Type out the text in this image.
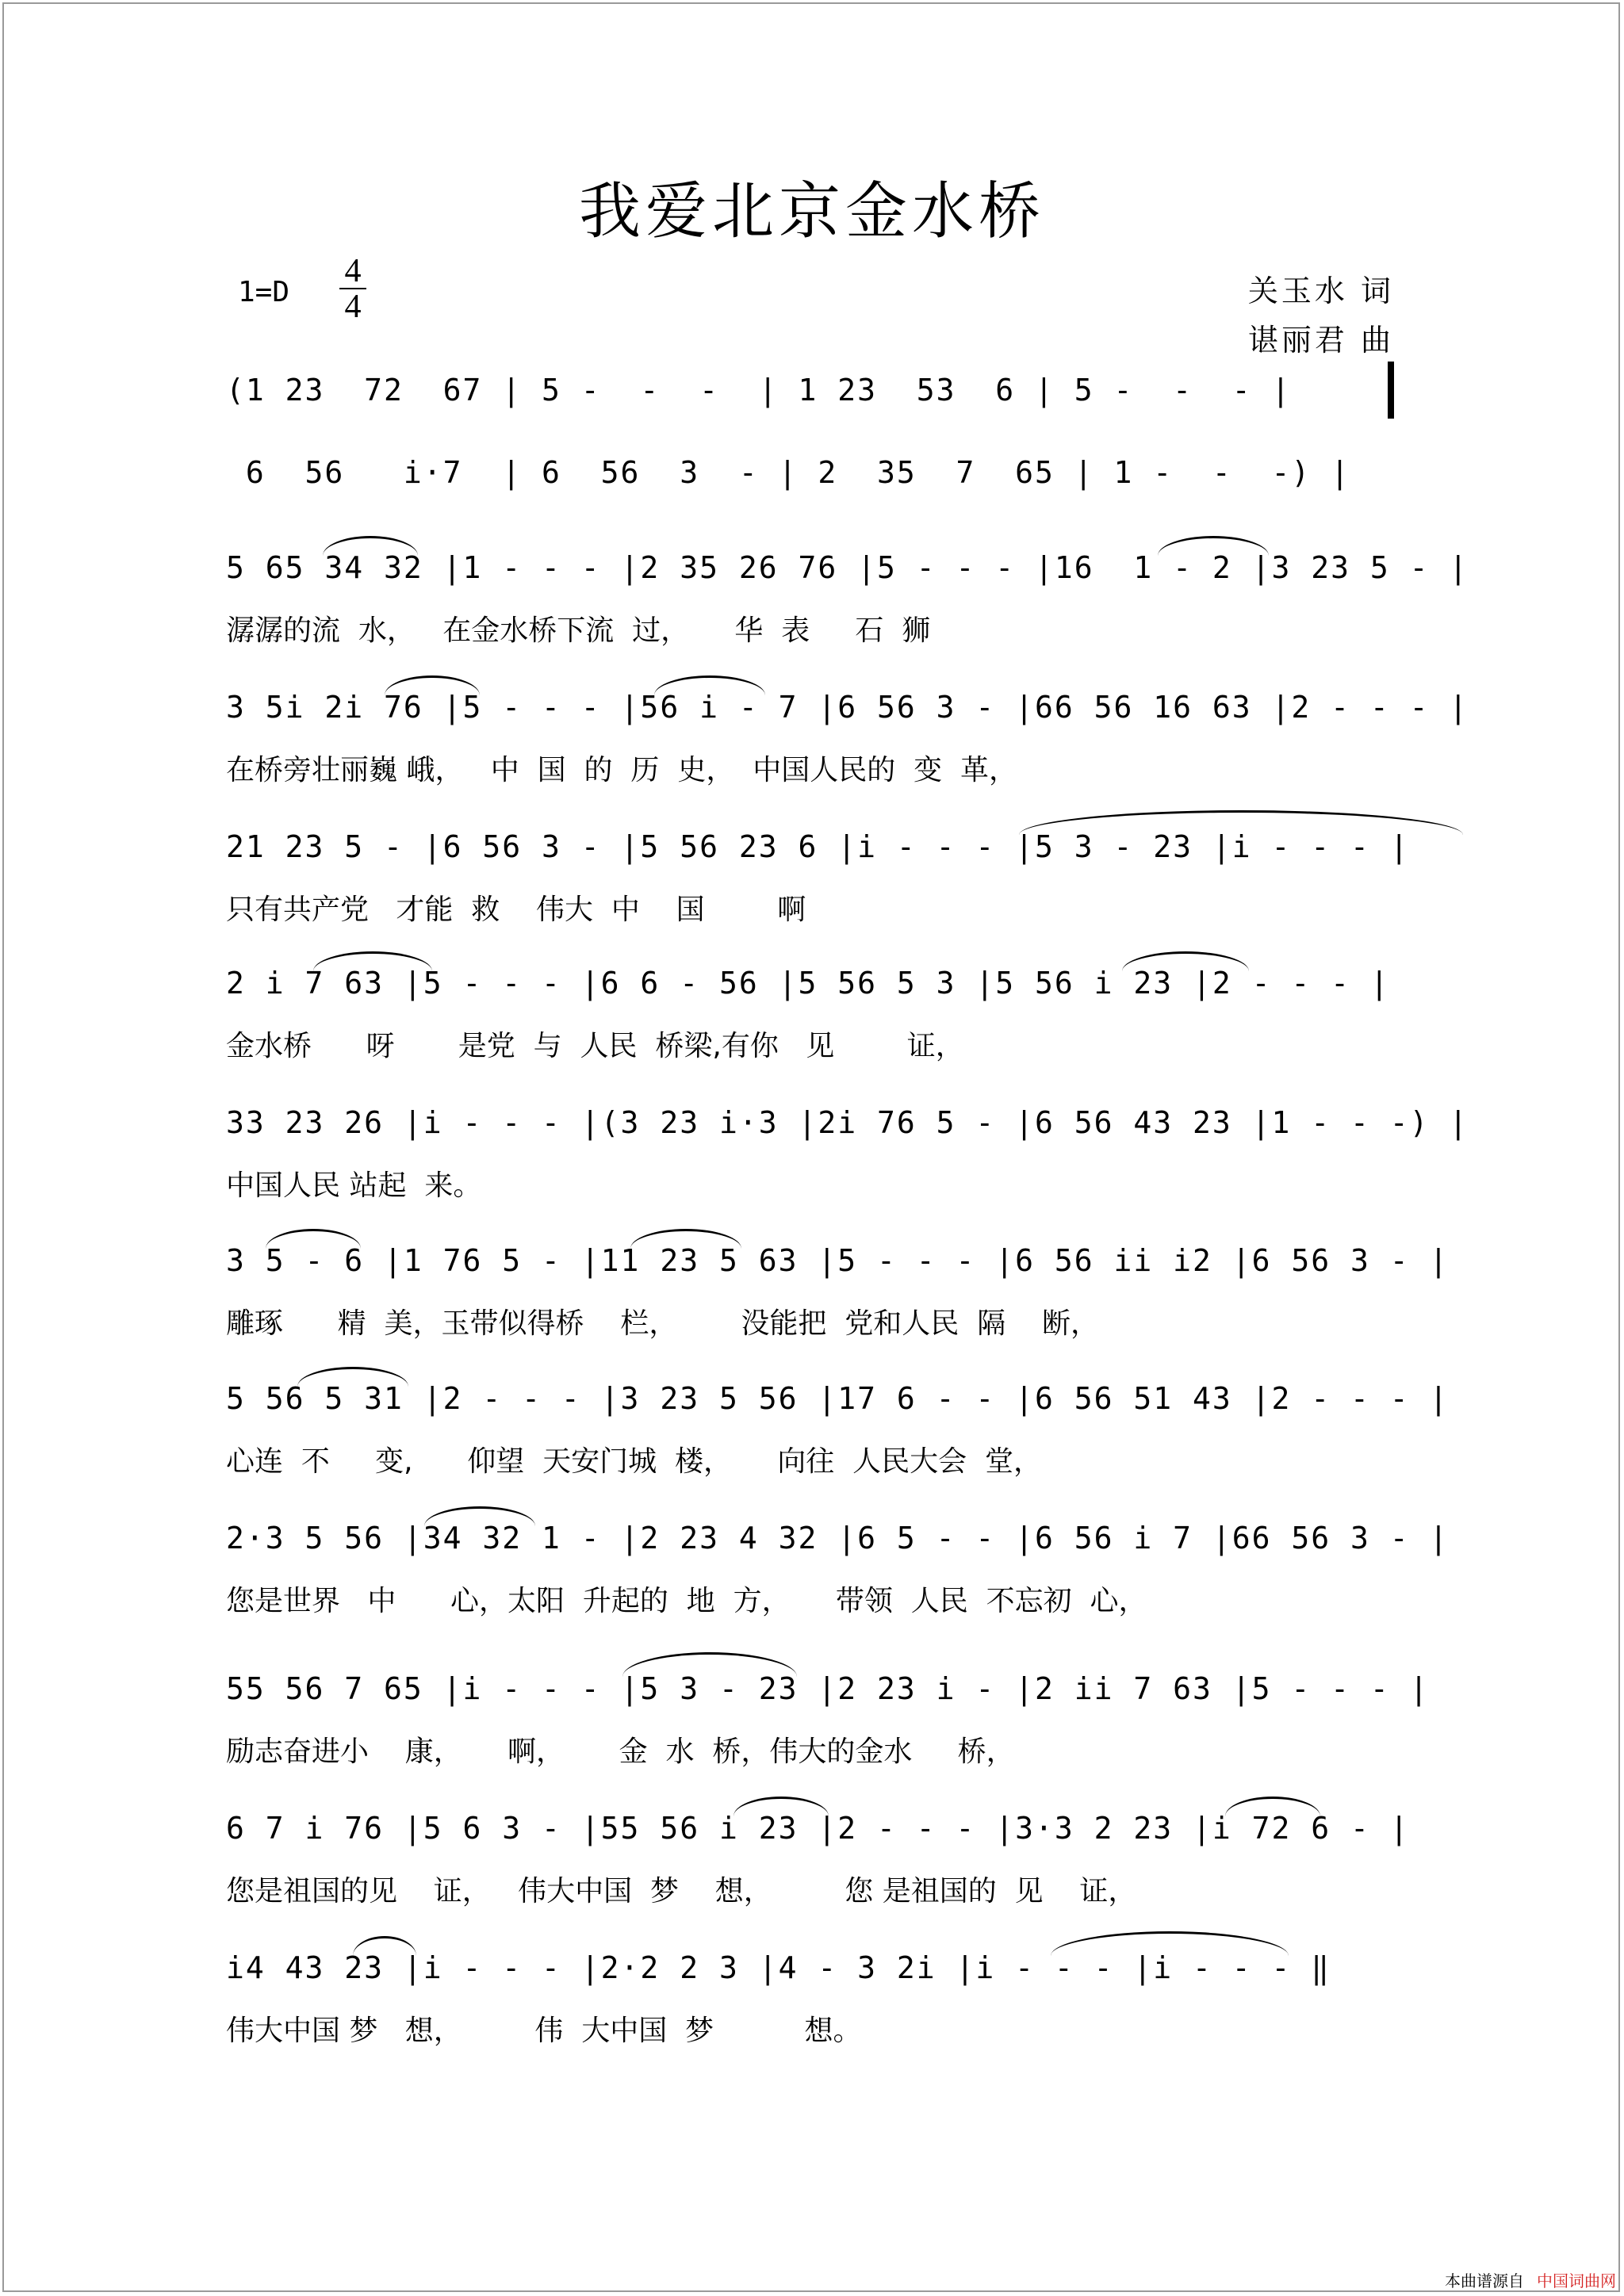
我爱北京金水桥
1=D
4
4	关玉水 词
谌丽君 曲
(1 23  72  67 | 5 -  -  -  | 1 23  53  6 | 5 -  -  - |
6  56   i·7  | 6  56  3  - | 2  35  7  65 | 1 -  -  -) |
5 65 34 32 |1 - - - |2 35 26 76 |5 - - - |16  1 - 2 |3 23 5 - |
潺潺的流  水，   在金水桥下流  过，     华  表     石  狮
3 5i 2i 76 |5 - - - |56 i - 7 |6 56 3 - |66 56 16 63 |2 - - - |
在桥旁壮丽巍 峨，   中  国  的  历  史，  中国人民的  变  革，
21 23 5 - |6 56 3 - |5 56 23 6 |i - - - |5 3 - 23 |i - - - |
只有共产党   才能  救    伟大  中    国        啊
2 i 7 63 |5 - - - |6 6 - 56 |5 56 5 3 |5 56 i 23 |2 - - - |
金水桥      呀       是党  与  人民  桥梁,有你   见        证，
33 23 26 |i - - - |(3 23 i·3 |2i 76 5 - |6 56 43 23 |1 - - -) |
中国人民 站起  来。
3 5 - 6 |1 76 5 - |11 23 5 63 |5 - - - |6 56 ii i2 |6 56 3 - |
雕琢      精  美，玉带似得桥    栏，       没能把  党和人民  隔    断，
5 56 5 31 |2 - - - |3 23 5 56 |17 6 - - |6 56 51 43 |2 - - - |
心连  不     变,      仰望  天安门城  楼，     向往  人民大会  堂，
2·3 5 56 |34 32 1 - |2 23 4 32 |6 5 - - |6 56 i 7 |66 56 3 - |
您是世界   中      心，太阳  升起的  地  方，     带领  人民  不忘初  心，
55 56 7 65 |i - - - |5 3 - 23 |2 23 i - |2 ii 7 63 |5 - - - |
励志奋进小    康，     啊，      金  水  桥，伟大的金水     桥，
6 7 i 76 |5 6 3 - |55 56 i 23 |2 - - - |3·3 2 23 |i 72 6 - |
您是祖国的见    证，   伟大中国  梦    想，        您 是祖国的  见    证，
i4 43 23 |i - - - |2·2 2 3 |4 - 3 2i |i - - - |i - - - ‖
伟大中国 梦   想，        伟  大中国  梦          想。
本曲谱源自 中国词曲网
